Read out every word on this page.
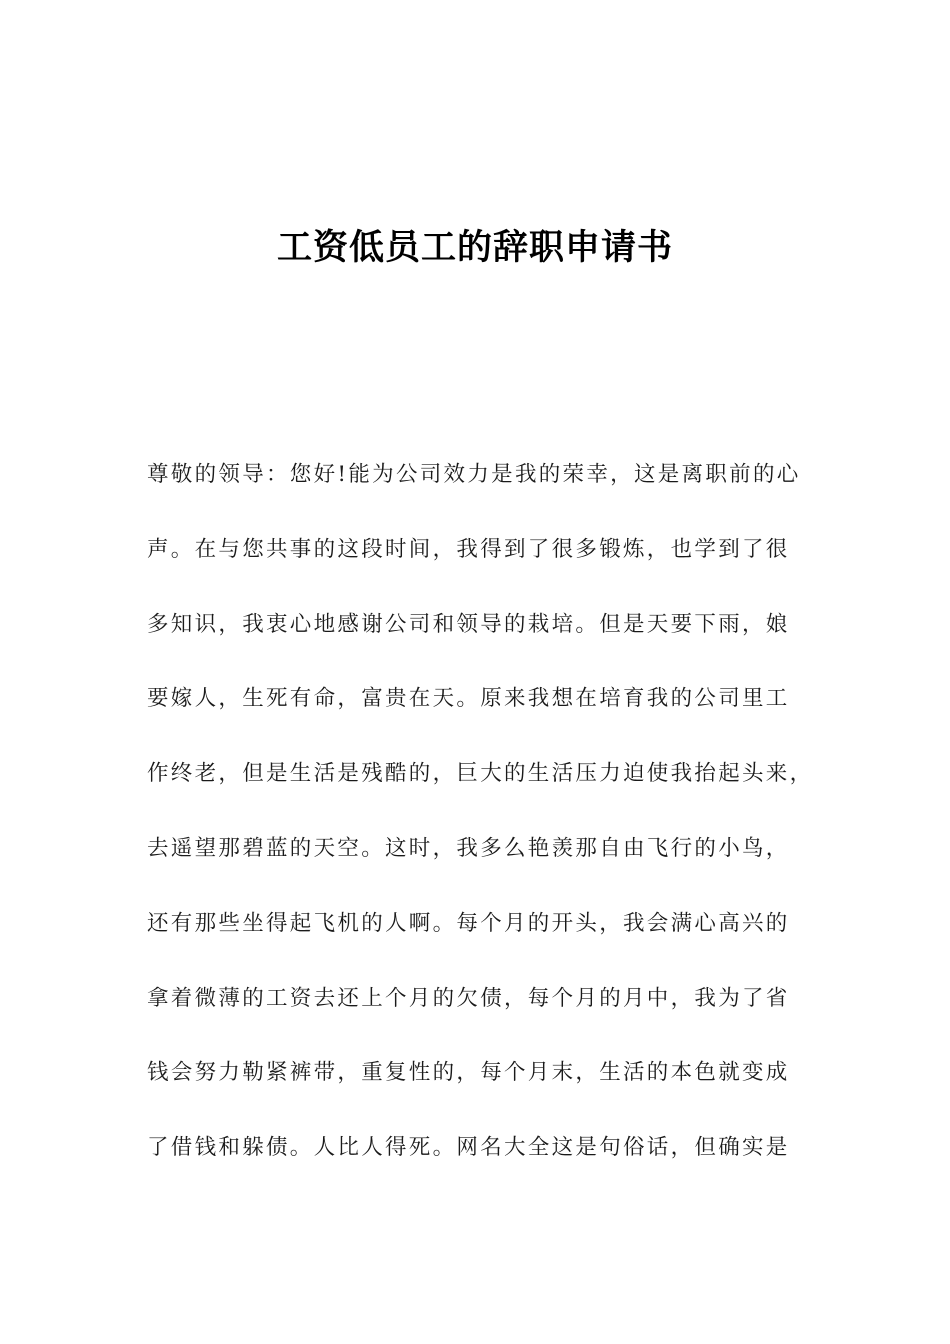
工资低员工的辞职申请书
尊敬的领导：您好!能为公司效力是我的荣幸，这是离职前的心
声。在与您共事的这段时间，我得到了很多锻炼，也学到了很
多知识，我衷心地感谢公司和领导的栽培。但是天要下雨，娘
要嫁人，生死有命，富贵在天。原来我想在培育我的公司里工
作终老，但是生活是残酷的，巨大的生活压力迫使我抬起头来，
去遥望那碧蓝的天空。这时，我多么艳羡那自由飞行的小鸟，
还有那些坐得起飞机的人啊。每个月的开头，我会满心高兴的
拿着微薄的工资去还上个月的欠债，每个月的月中，我为了省
钱会努力勒紧裤带，重复性的，每个月末，生活的本色就变成
了借钱和躲债。人比人得死。网名大全这是句俗话，但确实是
